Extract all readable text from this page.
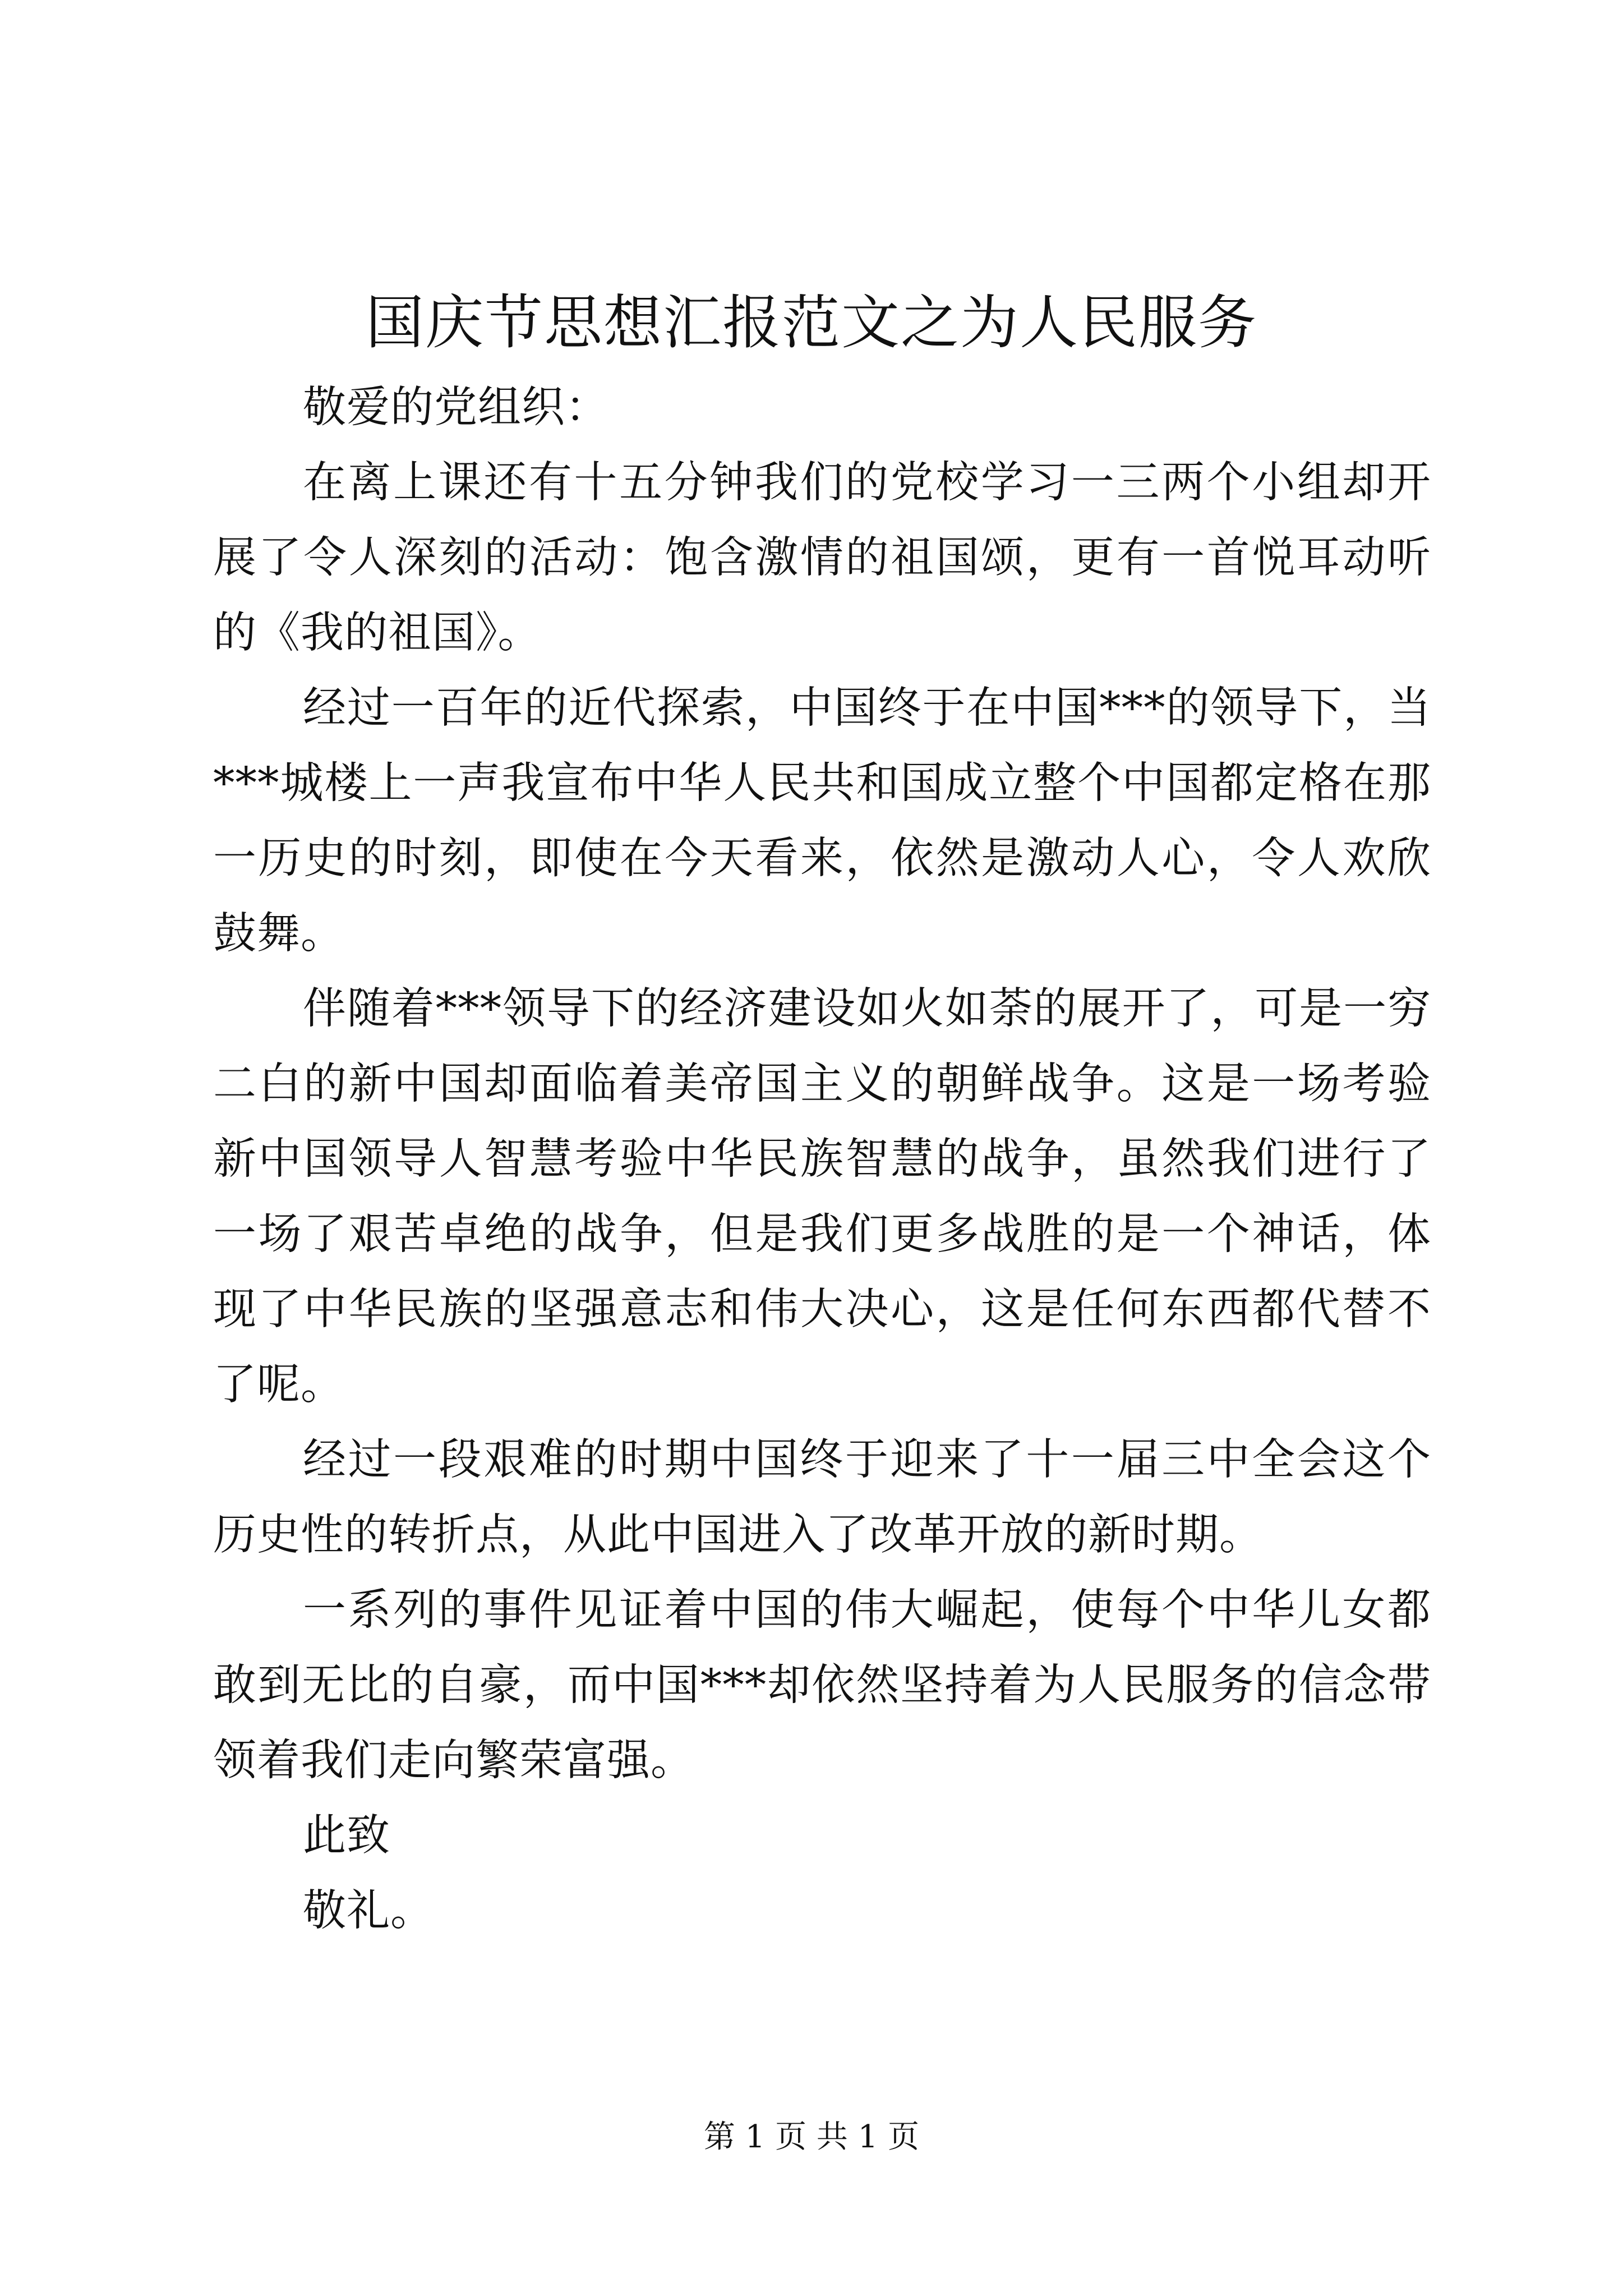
国庆节思想汇报范文之为人民服务

敬爱的党组织：

在离上课还有十五分钟我们的党校学习一三两个小组却开展了令人深刻的活动：饱含激情的祖国颂，更有一首悦耳动听的《我的祖国》。

经过一百年的近代探索，中国终于在中国***的领导下，当***城楼上一声我宣布中华人民共和国成立整个中国都定格在那一历史的时刻，即使在今天看来，依然是激动人心，令人欢欣鼓舞。

伴随着***领导下的经济建设如火如荼的展开了，可是一穷二白的新中国却面临着美帝国主义的朝鲜战争。这是一场考验新中国领导人智慧考验中华民族智慧的战争，虽然我们进行了一场了艰苦卓绝的战争，但是我们更多战胜的是一个神话，体现了中华民族的坚强意志和伟大决心，这是任何东西都代替不了呢。

经过一段艰难的时期中国终于迎来了十一届三中全会这个历史性的转折点，从此中国进入了改革开放的新时期。

一系列的事件见证着中国的伟大崛起，使每个中华儿女都敢到无比的自豪，而中国***却依然坚持着为人民服务的信念带领着我们走向繁荣富强。

此致

敬礼。

第 1 页 共 1 页
